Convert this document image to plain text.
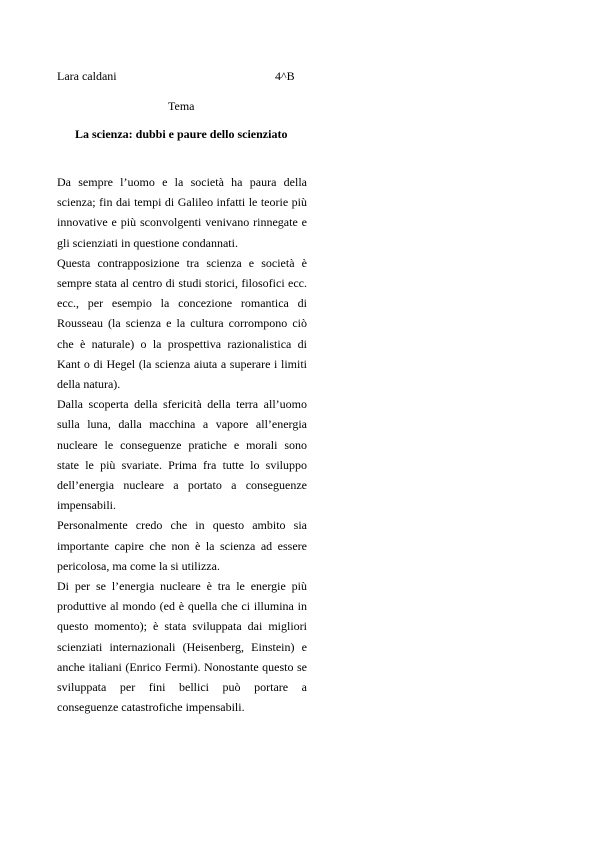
Lara caldani	4^B
Tema
La scienza: dubbi e paure dello scienziato

Da sempre l’uomo e la società ha paura della scienza; fin dai tempi di Galileo infatti le teorie più innovative e più sconvolgenti venivano rinnegate e gli scienziati in questione condannati.

Questa contrapposizione tra scienza e società è sempre stata al centro di studi storici, filosofici ecc. ecc., per esempio la concezione romantica di Rousseau (la scienza e la cultura corrompono ciò che è naturale) o la prospettiva razionalistica di Kant o di Hegel (la scienza aiuta a superare i limiti della natura).

Dalla scoperta della sfericità della terra all’uomo sulla luna, dalla macchina a vapore all’energia nucleare le conseguenze pratiche e morali sono state le più svariate. Prima fra tutte lo sviluppo dell’energia nucleare a portato a conseguenze impensabili.

Personalmente credo che in questo ambito sia importante capire che non è la scienza ad essere pericolosa, ma come la si utilizza.

Di per se l’energia nucleare è tra le energie più produttive al mondo (ed è quella che ci illumina in questo momento); è stata sviluppata dai migliori scienziati internazionali (Heisenberg, Einstein) e anche italiani (Enrico Fermi). Nonostante questo se sviluppata per fini bellici può portare a conseguenze catastrofiche impensabili.
